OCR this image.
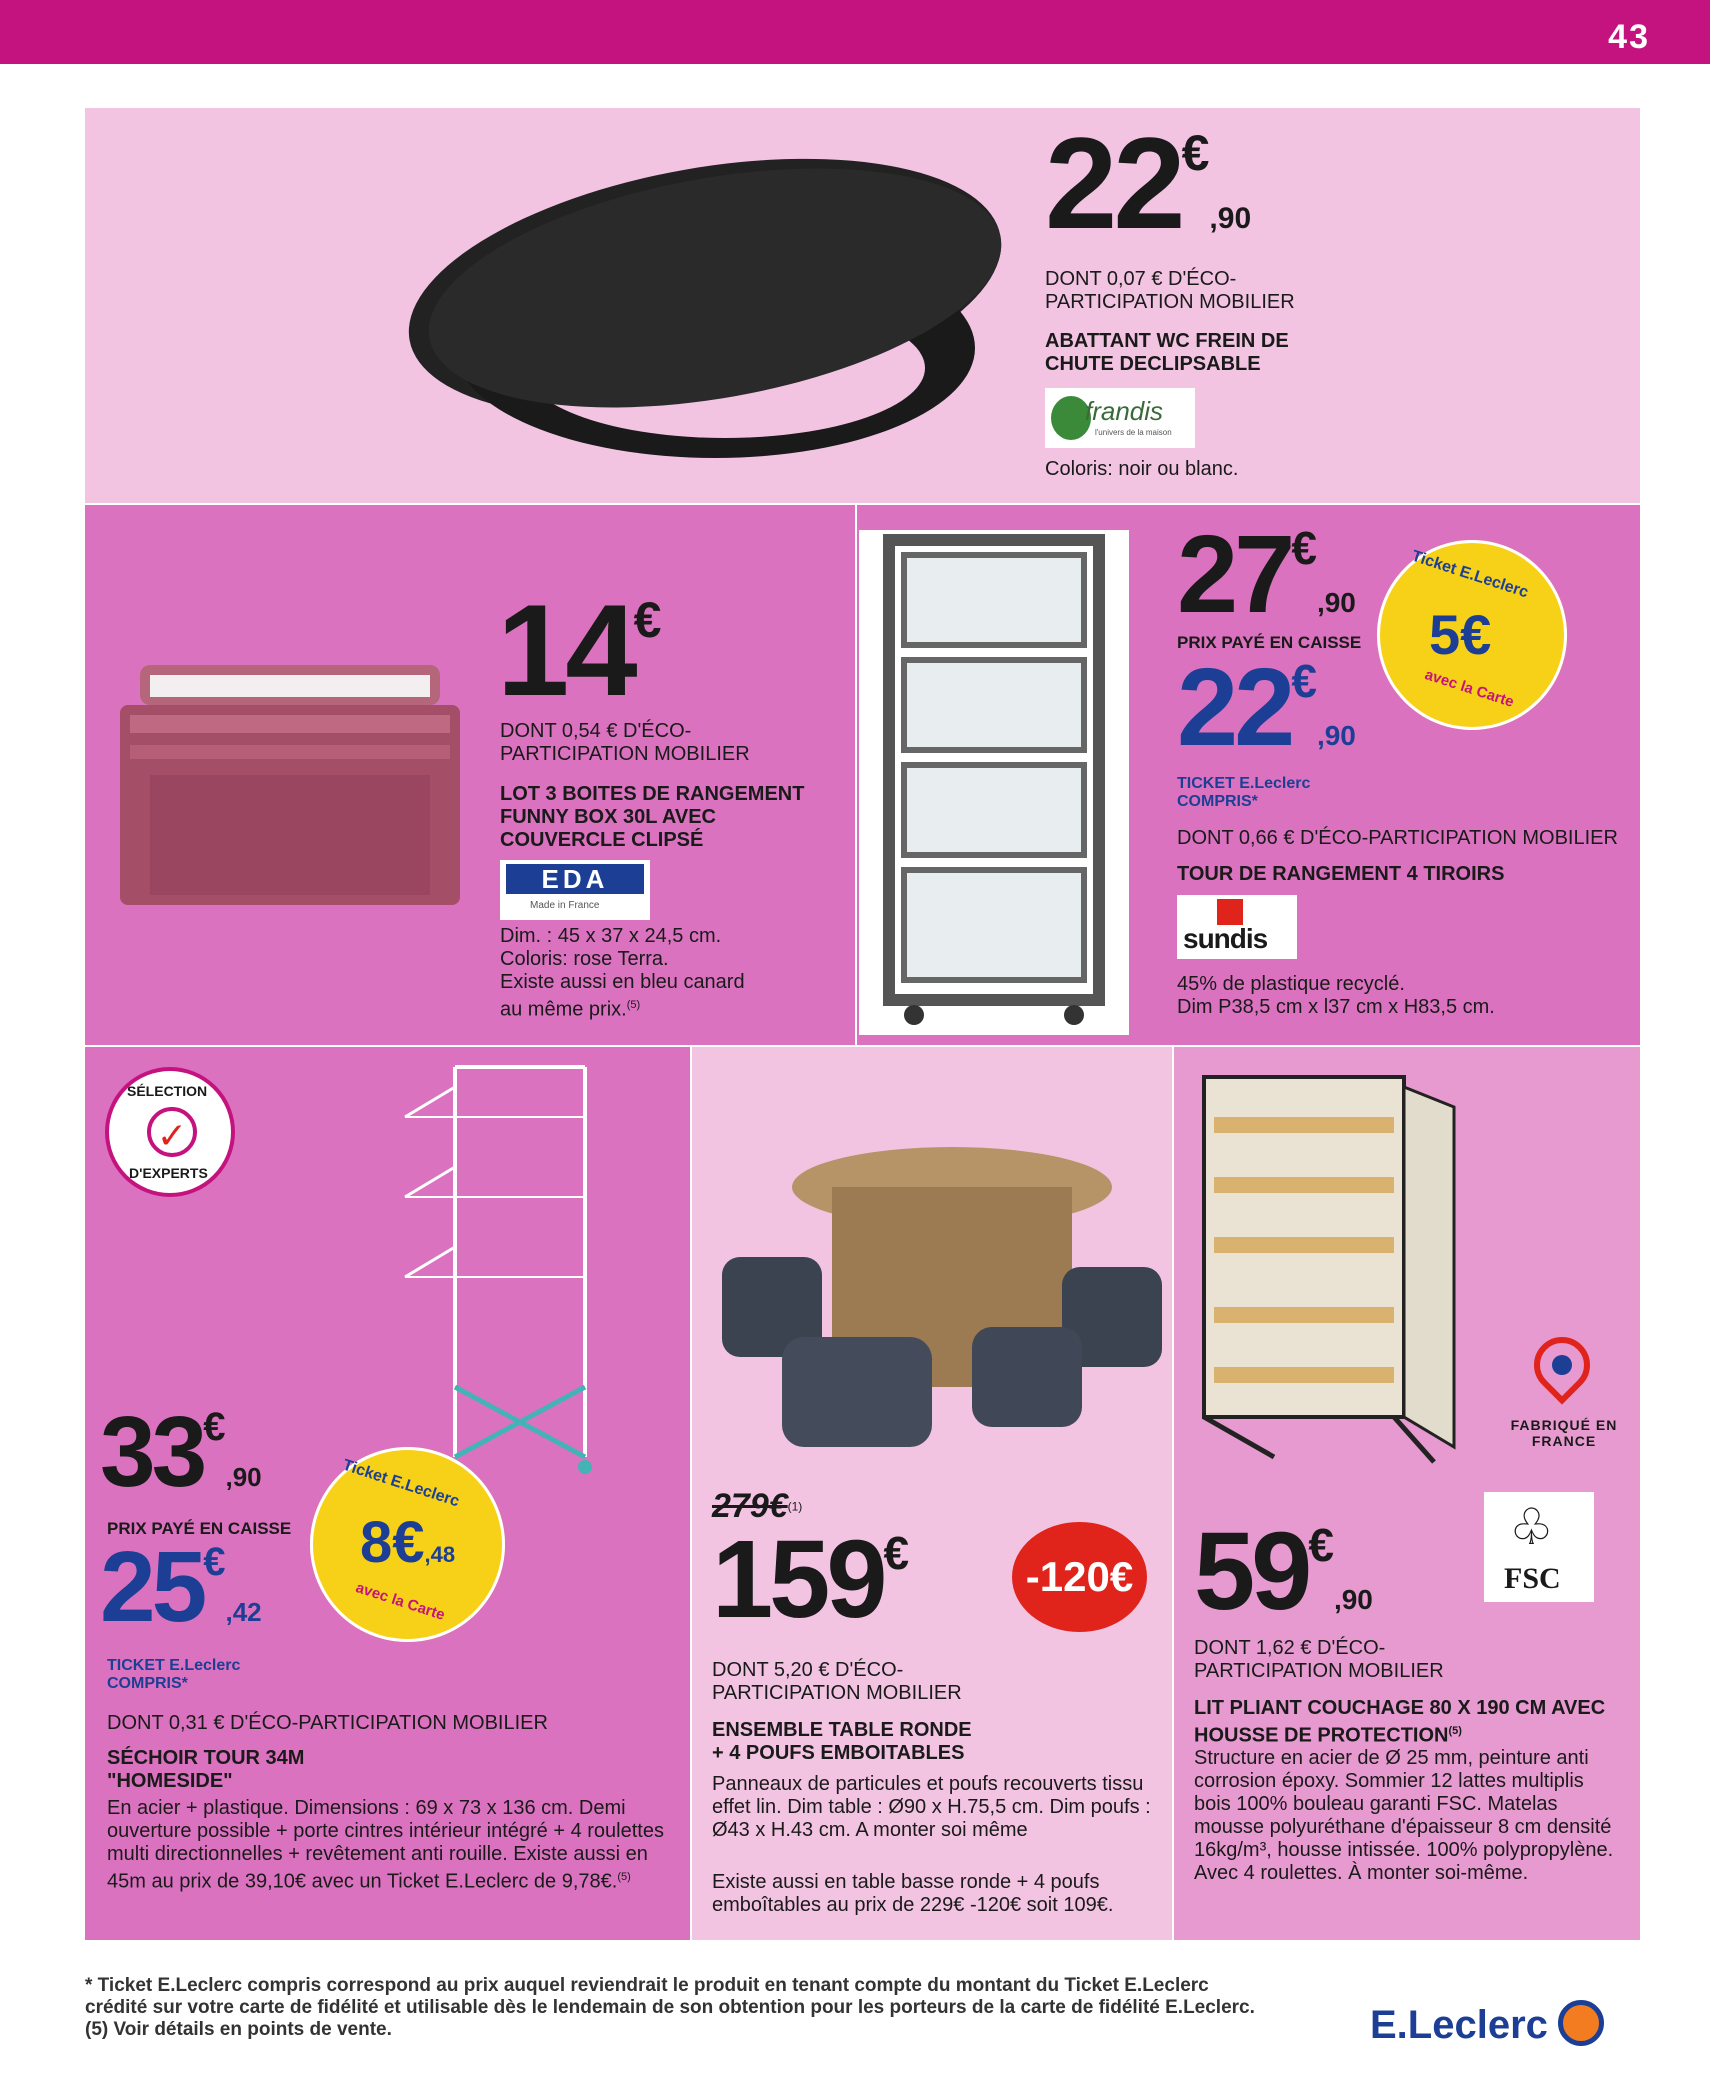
43
22€,90
DONT 0,07 € D'ÉCO-PARTICIPATION MOBILIER
ABATTANT WC FREIN DE CHUTE DECLIPSABLE
frandis
l'univers de la maison
Coloris: noir ou blanc.
14€
DONT 0,54 € D'ÉCO-PARTICIPATION MOBILIER
LOT 3 BOITES DE RANGEMENT FUNNY BOX 30L AVEC COUVERCLE CLIPSÉ
EDA
Made in France
Dim. : 45 x 37 x 24,5 cm.
Coloris: rose Terra.
Existe aussi en bleu canard
au même prix.$^{(5)}$
27€,90
PRIX PAYÉ EN CAISSE
22€,90
TICKET E.Leclerc COMPRIS*
Ticket E.Leclerc
5€
avec la Carte
DONT 0,66 € D'ÉCO-PARTICIPATION MOBILIER
TOUR DE RANGEMENT 4 TIROIRS
sundis
45% de plastique recyclé.
Dim P38,5 cm x l37 cm x H83,5 cm.
SÉLECTION
✓
D'EXPERTS
33€,90
PRIX PAYÉ EN CAISSE
25€,42
TICKET E.Leclerc COMPRIS*
Ticket E.Leclerc
8€,48
avec la Carte
DONT 0,31 € D'ÉCO-PARTICIPATION MOBILIER
SÉCHOIR TOUR 34M
"HOMESIDE"
En acier + plastique. Dimensions : 69 x 73 x 136 cm. Demi ouverture possible + porte cintres intérieur intégré + 4 roulettes multi directionnelles + revêtement anti rouille. Existe aussi en 45m au prix de 39,10€ avec un Ticket E.Leclerc de 9,78€.$^{(5)}$
279€$^{(1)}$
159€	-120€
DONT 5,20 € D'ÉCO-PARTICIPATION MOBILIER
ENSEMBLE TABLE RONDE + 4 POUFS EMBOITABLES
Panneaux de particules et poufs recouverts tissu effet lin. Dim table : Ø90 x H.75,5 cm. Dim poufs : Ø43 x H.43 cm. A monter soi même
Existe aussi en table basse ronde + 4 poufs emboîtables au prix de 229€ -120€ soit 109€.
FABRIQUÉ EN FRANCE
♧
FSC
59€,90
DONT 1,62 € D'ÉCO-PARTICIPATION MOBILIER
LIT PLIANT COUCHAGE 80 X 190 CM AVEC HOUSSE DE PROTECTION$^{(5)}$
Structure en acier de Ø 25 mm, peinture anti corrosion époxy. Sommier 12 lattes multiplis bois 100% bouleau garanti FSC. Matelas mousse polyuréthane d'épaisseur 8 cm densité 16kg/m³, housse intissée. 100% polypropylène. Avec 4 roulettes. À monter soi-même.
* Ticket E.Leclerc compris correspond au prix auquel reviendrait le produit en tenant compte du montant du Ticket E.Leclerc crédité sur votre carte de fidélité et utilisable dès le lendemain de son obtention pour les porteurs de la carte de fidélité E.Leclerc. (5) Voir détails en points de vente.	E.Leclerc
